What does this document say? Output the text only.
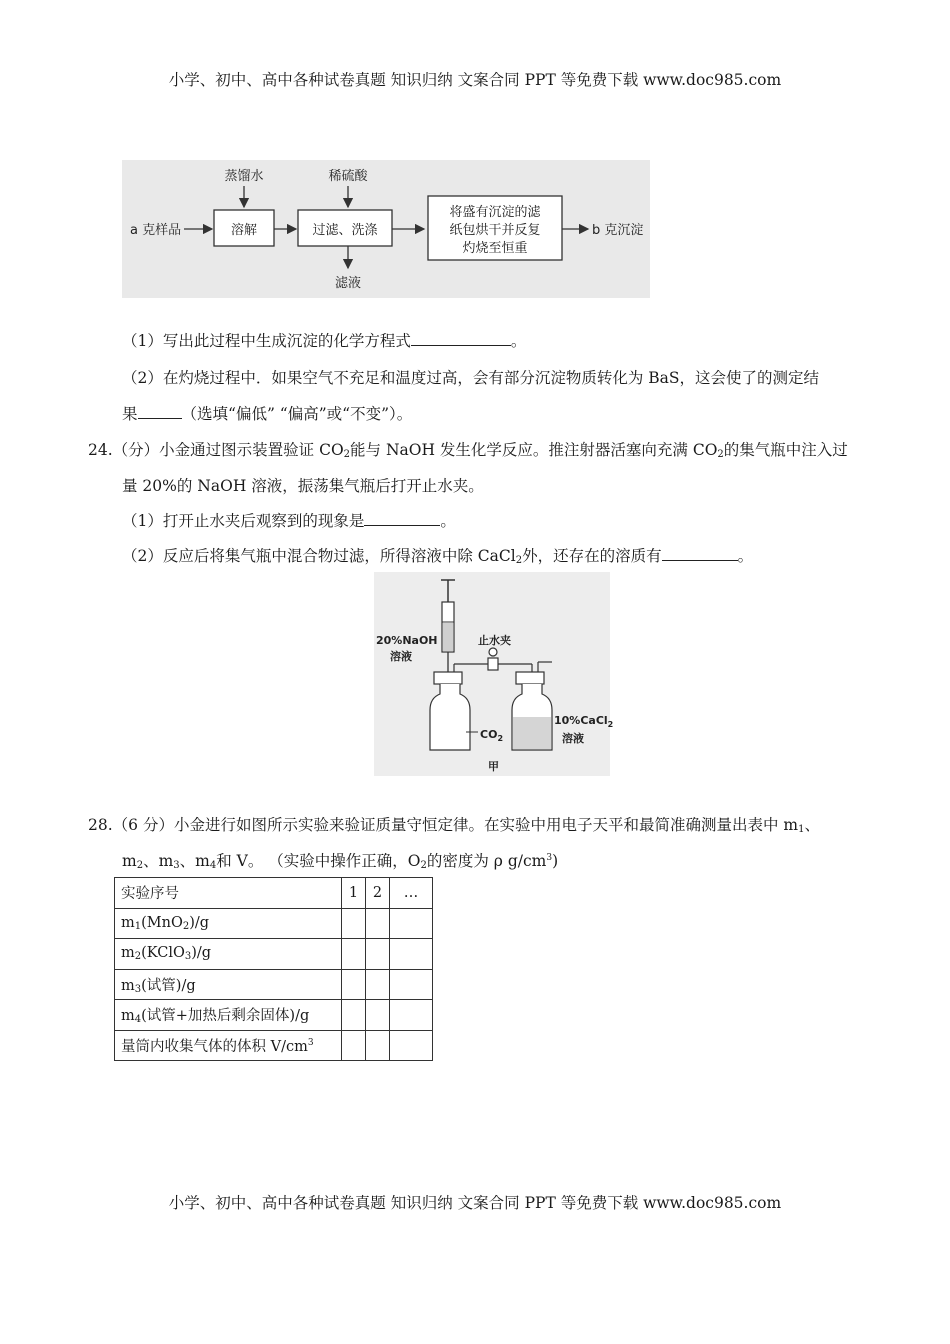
小学、初中、高中各种试卷真题 知识归纳 文案合同 PPT 等免费下载 www.doc985.com
a 克样品	溶解
蒸馏水
过滤、洗涤
稀硫酸
滤液
将盛有沉淀的滤
纸包烘干并反复
灼烧至恒重
b 克沉淀
（1）写出此过程中生成沉淀的化学方程式	。
（2）在灼烧过程中．如果空气不充足和温度过高，会有部分沉淀物质转化为 BaS，这会使了的测定结
果	（选填“偏低” “偏高”或“不变”）。
24.（分）小金通过图示装置验证 $CO_2$能与 NaOH 发生化学反应。推注射器活塞向充满 $CO_2$的集气瓶中注入过
量 20%的 NaOH 溶液，振荡集气瓶后打开止水夹。
（1）打开止水夹后观察到的现象是	。
（2）反应后将集气瓶中混合物过滤，所得溶液中除 CaCl$_2$外，还存在的溶质有	。
20%NaOH
溶液
$CO_2$
止水夹
10%CaCl$_2$
溶液
甲
28.（6 分）小金进行如图所示实验来验证质量守恒定律。在实验中用电子天平和最简准确测量出表中 $m_1$、
$m_2$、$m_3$、$m_4$和 V。 （实验中操作正确，$O_2$的密度为 ρ $g/cm^3$)
实验序号	1	2	…
$m_1(MnO_2)/g$			
$m_2(KClO_3)/g$			
$m_3$(试管)/g			
$m_4$(试管+加热后剩余固体)/g			
量筒内收集气体的体积 $V/cm^3$			
小学、初中、高中各种试卷真题 知识归纳 文案合同 PPT 等免费下载 www.doc985.com
